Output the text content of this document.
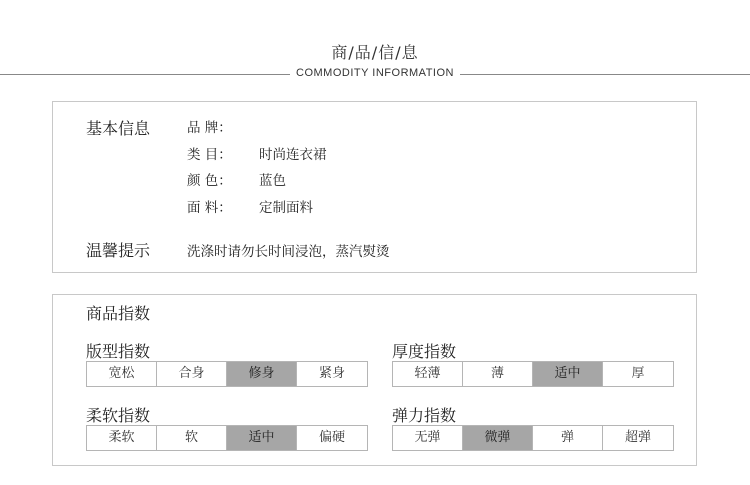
商/品/信/息
COMMODITY INFORMATION
基本信息	品 牌：
类 目： 时尚连衣裙
颜 色： 蓝色
面 料： 定制面料
温馨提示	洗涤时请勿长时间浸泡，蒸汽熨烫
商品指数
版型指数
宽松	合身	修身	紧身
厚度指数
轻薄	薄	适中	厚
柔软指数
柔软	软	适中	偏硬
弹力指数
无弹	微弹	弹	超弹
